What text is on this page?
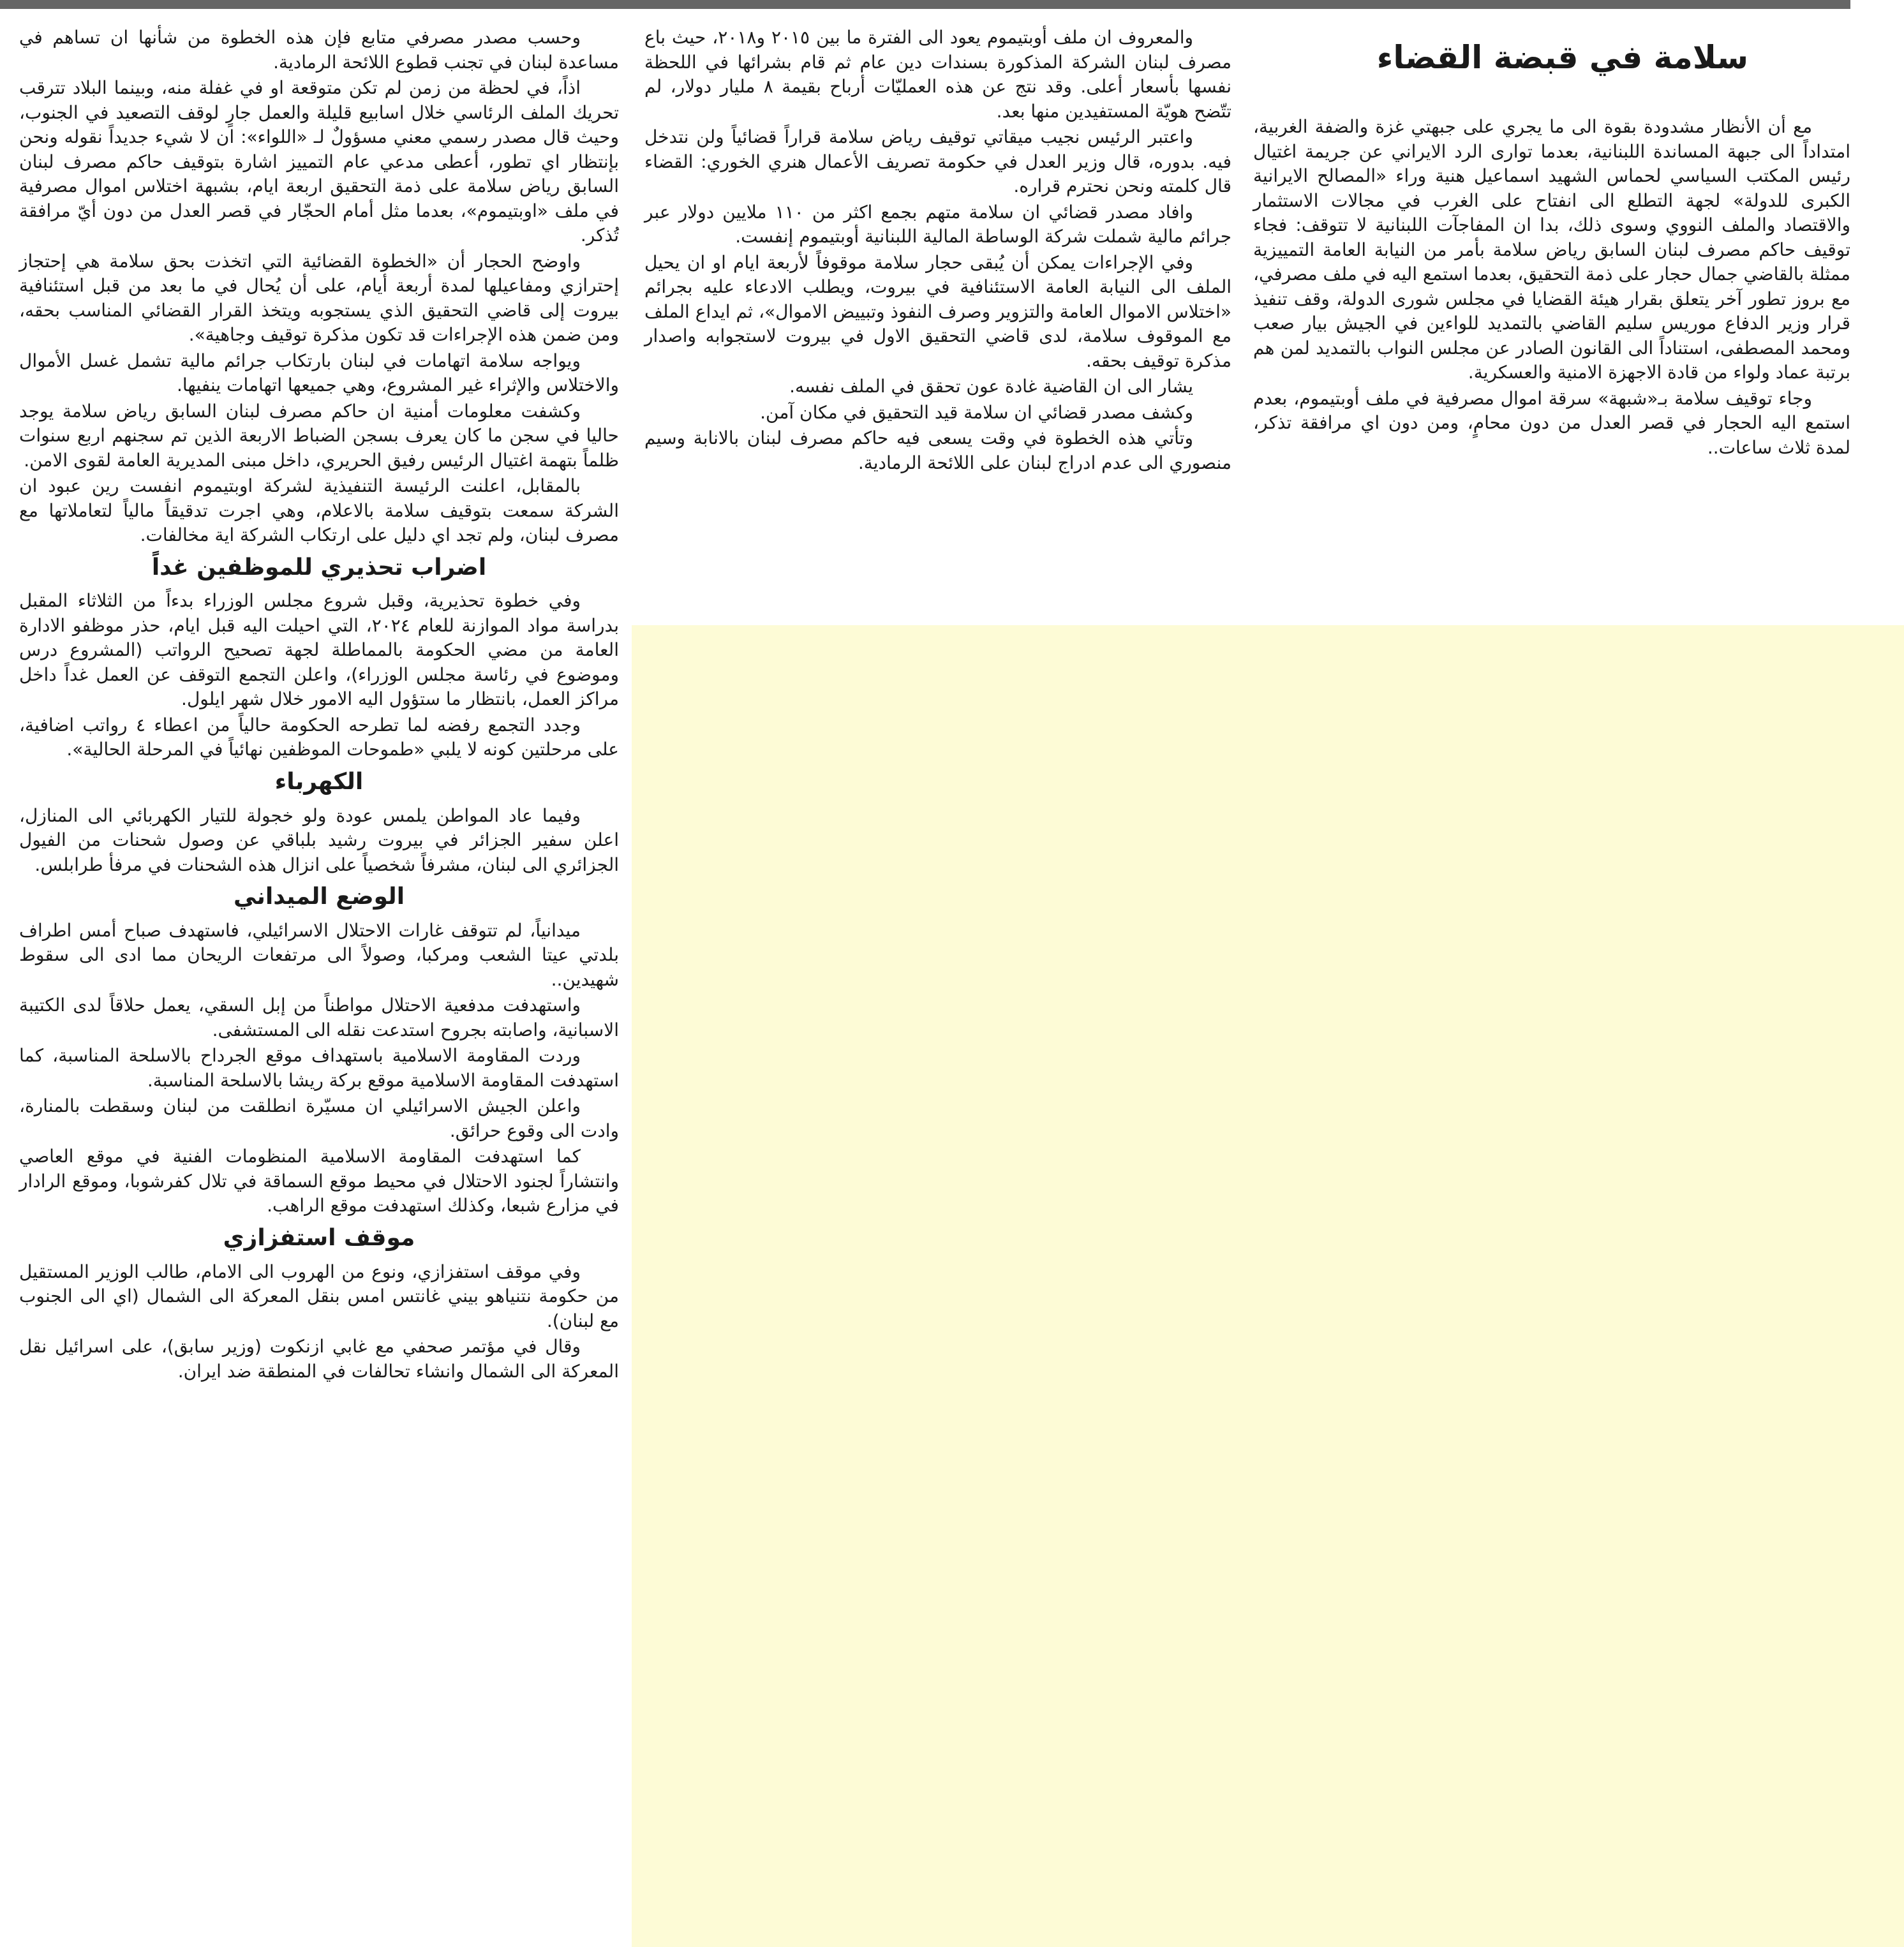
سلامة في قبضة القضاء

مع أن الأنظار مشدودة بقوة الى ما يجري على جبهتي غزة والضفة الغربية، امتداداً الى جبهة المساندة اللبنانية، بعدما توارى الرد الايراني عن جريمة اغتيال رئيس المكتب السياسي لحماس الشهيد اسماعيل هنية وراء «المصالح الايرانية الكبرى للدولة» لجهة التطلع الى انفتاح على الغرب في مجالات الاستثمار والاقتصاد والملف النووي وسوى ذلك، بدا ان المفاجآت اللبنانية لا تتوقف: فجاء توقيف حاكم مصرف لبنان السابق رياض سلامة بأمر من النيابة العامة التمييزية ممثلة بالقاضي جمال حجار على ذمة التحقيق، بعدما استمع اليه في ملف مصرفي، مع بروز تطور آخر يتعلق بقرار هيئة القضايا في مجلس شورى الدولة، وقف تنفيذ قرار وزير الدفاع موريس سليم القاضي بالتمديد للواءين في الجيش بيار صعب ومحمد المصطفى، استناداً الى القانون الصادر عن مجلس النواب بالتمديد لمن هم برتبة عماد ولواء من قادة الاجهزة الامنية والعسكرية.

وجاء توقيف سلامة بـ«شبهة» سرقة اموال مصرفية في ملف أوبتيموم، بعدم استمع اليه الحجار في قصر العدل من دون محامٍ، ومن دون اي مرافقة تذكر، لمدة ثلاث ساعات..

والمعروف ان ملف أوبتيموم يعود الى الفترة ما بين ٢٠١٥ و٢٠١٨، حيث باع مصرف لبنان الشركة المذكورة بسندات دين عام ثم قام بشرائها في اللحظة نفسها بأسعار أعلى. وقد نتج عن هذه العمليّات أرباح بقيمة ٨ مليار دولار، لم تتّضح هويّة المستفيدين منها بعد.

واعتبر الرئيس نجيب ميقاتي توقيف رياض سلامة قراراً قضائياً ولن نتدخل فيه. بدوره، قال وزير العدل في حكومة تصريف الأعمال هنري الخوري: القضاء قال كلمته ونحن نحترم قراره.

وافاد مصدر قضائي ان سلامة متهم بجمع اكثر من ١١٠ ملايين دولار عبر جرائم مالية شملت شركة الوساطة المالية اللبنانية أوبتيموم إنفست.

وفي الإجراءات يمكن أن يُبقى حجار سلامة موقوفاً لأربعة ايام او ان يحيل الملف الى النيابة العامة الاستئنافية في بيروت، ويطلب الادعاء عليه بجرائم «اختلاس الاموال العامة والتزوير وصرف النفوذ وتبييض الاموال»، ثم ايداع الملف مع الموقوف سلامة، لدى قاضي التحقيق الاول في بيروت لاستجوابه واصدار مذكرة توقيف بحقه.

يشار الى ان القاضية غادة عون تحقق في الملف نفسه.

وكشف مصدر قضائي ان سلامة قيد التحقيق في مكان آمن.

وتأتي هذه الخطوة في وقت يسعى فيه حاكم مصرف لبنان بالانابة وسيم منصوري الى عدم ادراج لبنان على اللائحة الرمادية.

وحسب مصدر مصرفي متابع فإن هذه الخطوة من شأنها ان تساهم في مساعدة لبنان في تجنب قطوع اللائحة الرمادية.

اذاً، في لحظة من زمن لم تكن متوقعة او في غفلة منه، وبينما البلاد تترقب تحريك الملف الرئاسي خلال اسابيع قليلة والعمل جارٍ لوقف التصعيد في الجنوب، وحيث قال مصدر رسمي معني مسؤولٌ لـ «اللواء»: ان لا شيء جديداً نقوله ونحن بإنتظار اي تطور، أعطى مدعي عام التمييز اشارة بتوقيف حاكم مصرف لبنان السابق رياض سلامة على ذمة التحقيق اربعة ايام، بشبهة اختلاس اموال مصرفية في ملف «اوبتيموم»، بعدما مثل أمام الحجّار في قصر العدل من دون أيّ مرافقة تُذكر.

واوضح الحجار أن «الخطوة القضائية التي اتخذت بحق سلامة هي إحتجاز إحترازي ومفاعيلها لمدة أربعة أيام، على أن يُحال في ما بعد من قبل استئنافية بيروت إلى قاضي التحقيق الذي يستجوبه ويتخذ القرار القضائي المناسب بحقه، ومن ضمن هذه الإجراءات قد تكون مذكرة توقيف وجاهية».

ويواجه سلامة اتهامات في لبنان بارتكاب جرائم مالية تشمل غسل الأموال والاختلاس والإثراء غير المشروع، وهي جميعها اتهامات ينفيها.

وكشفت معلومات أمنية ان حاكم مصرف لبنان السابق رياض سلامة يوجد حاليا في سجن ما كان يعرف بسجن الضباط الاربعة الذين تم سجنهم اربع سنوات ظلماً بتهمة اغتيال الرئيس رفيق الحريري، داخل مبنى المديرية العامة لقوى الامن.

بالمقابل، اعلنت الرئيسة التنفيذية لشركة اوبتيموم انفست رين عبود ان الشركة سمعت بتوقيف سلامة بالاعلام، وهي اجرت تدقيقاً مالياً لتعاملاتها مع مصرف لبنان، ولم تجد اي دليل على ارتكاب الشركة اية مخالفات.

اضراب تحذيري للموظفين غداً

وفي خطوة تحذيرية، وقبل شروع مجلس الوزراء بدءاً من الثلاثاء المقبل بدراسة مواد الموازنة للعام ٢٠٢٤، التي احيلت اليه قبل ايام، حذر موظفو الادارة العامة من مضي الحكومة بالمماطلة لجهة تصحيح الرواتب (المشروع درس وموضوع في رئاسة مجلس الوزراء)، واعلن التجمع التوقف عن العمل غداً داخل مراكز العمل، بانتظار ما ستؤول اليه الامور خلال شهر ايلول.

وجدد التجمع رفضه لما تطرحه الحكومة حالياً من اعطاء ٤ رواتب اضافية، على مرحلتين كونه لا يلبي «طموحات الموظفين نهائياً في المرحلة الحالية».

الكهرباء

وفيما عاد المواطن يلمس عودة ولو خجولة للتيار الكهربائي الى المنازل، اعلن سفير الجزائر في بيروت رشيد بلباقي عن وصول شحنات من الفيول الجزائري الى لبنان، مشرفاً شخصياً على انزال هذه الشحنات في مرفأ طرابلس.

الوضع الميداني

ميدانياً، لم تتوقف غارات الاحتلال الاسرائيلي، فاستهدف صباح أمس اطراف بلدتي عيتا الشعب ومركبا، وصولاً الى مرتفعات الريحان مما ادى الى سقوط شهيدين..

واستهدفت مدفعية الاحتلال مواطناً من إبل السقي، يعمل حلاقاً لدى الكتيبة الاسبانية، واصابته بجروح استدعت نقله الى المستشفى.

وردت المقاومة الاسلامية باستهداف موقع الجرداح بالاسلحة المناسبة، كما استهدفت المقاومة الاسلامية موقع بركة ريشا بالاسلحة المناسبة.

واعلن الجيش الاسرائيلي ان مسيّرة انطلقت من لبنان وسقطت بالمنارة، وادت الى وقوع حرائق.

كما استهدفت المقاومة الاسلامية المنظومات الفنية في موقع العاصي وانتشاراً لجنود الاحتلال في محيط موقع السماقة في تلال كفرشوبا، وموقع الرادار في مزارع شبعا، وكذلك استهدفت موقع الراهب.

موقف استفزازي

وفي موقف استفزازي، ونوع من الهروب الى الامام، طالب الوزير المستقيل من حكومة نتنياهو بيني غانتس امس بنقل المعركة الى الشمال (اي الى الجنوب مع لبنان).

وقال في مؤتمر صحفي مع غابي ازنكوت (وزير سابق)، على اسرائيل نقل المعركة الى الشمال وانشاء تحالفات في المنطقة ضد ايران.
